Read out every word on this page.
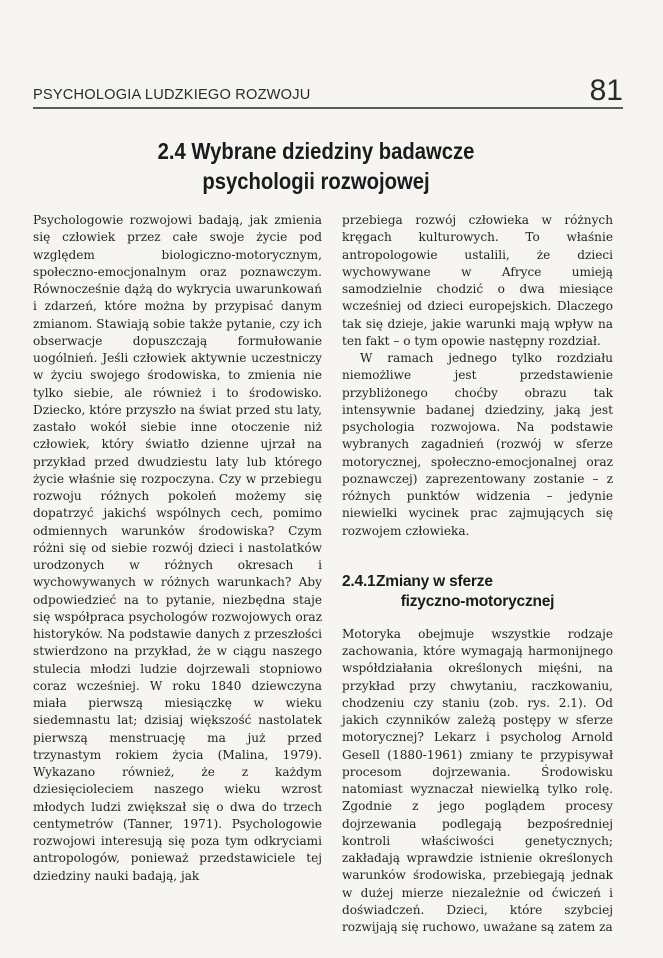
PSYCHOLOGIA LUDZKIEGO ROZWOJU	81
2.4 Wybrane dziedziny badawcze
psychologii rozwojowej

Psychologowie rozwojowi badają, jak zmienia się człowiek przez całe swoje życie pod względem biologiczno-motorycznym, społeczno-emocjonalnym oraz poznawczym. Równocześnie dążą do wykrycia uwarunkowań i zdarzeń, które można by przypisać danym zmianom. Stawiają sobie także pytanie, czy ich obserwacje dopuszczają formułowanie uogólnień. Jeśli człowiek aktywnie uczestniczy w życiu swojego środowiska, to zmienia nie tylko siebie, ale również i to środowisko. Dziecko, które przyszło na świat przed stu laty, zastało wokół siebie inne otoczenie niż człowiek, który światło dzienne ujrzał na przykład przed dwudziestu laty lub którego życie właśnie się rozpoczyna. Czy w przebiegu rozwoju różnych pokoleń możemy się dopatrzyć jakichś wspólnych cech, pomimo odmiennych warunków środowiska? Czym różni się od siebie rozwój dzieci i nastolatków urodzonych w różnych okresach i wychowywanych w różnych warunkach? Aby odpowiedzieć na to pytanie, niezbędna staje się współpraca psychologów rozwojowych oraz historyków. Na podstawie danych z przeszłości stwierdzono na przykład, że w ciągu naszego stulecia młodzi ludzie dojrzewali stopniowo coraz wcześniej. W roku 1840 dziewczyna miała pierwszą miesiączkę w wieku siedemnastu lat; dzisiaj większość nastolatek pierwszą menstruację ma już przed trzynastym rokiem życia (Malina, 1979). Wykazano również, że z każdym dziesięcioleciem naszego wieku wzrost młodych ludzi zwiększał się o dwa do trzech centymetrów (Tanner, 1971). Psychologowie rozwojowi interesują się poza tym odkryciami antropologów, ponieważ przedstawiciele tej dziedziny nauki badają, jak

przebiega rozwój człowieka w różnych kręgach kulturowych. To właśnie antropologowie ustalili, że dzieci wychowywane w Afryce umieją samodzielnie chodzić o dwa miesiące wcześniej od dzieci europejskich. Dlaczego tak się dzieje, jakie warunki mają wpływ na ten fakt – o tym opowie następny rozdział.

W ramach jednego tylko rozdziału niemożliwe jest przedstawienie przybliżonego choćby obrazu tak intensywnie badanej dziedziny, jaką jest psychologia rozwojowa. Na podstawie wybranych zagadnień (rozwój w sferze motorycznej, społeczno-emocjonalnej oraz poznawczej) zaprezentowany zostanie – z różnych punktów widzenia – jedynie niewielki wycinek prac zajmujących się rozwojem człowieka.

2.4.1Zmiany w sferze
fizyczno-motorycznej

Motoryka obejmuje wszystkie rodzaje zachowania, które wymagają harmonijnego współdziałania określonych mięśni, na przykład przy chwytaniu, raczkowaniu, chodzeniu czy staniu (zob. rys. 2.1). Od jakich czynników zależą postępy w sferze motorycznej? Lekarz i psycholog Arnold Gesell (1880-1961) zmiany te przypisywał procesom dojrzewania. Środowisku natomiast wyznaczał niewielką tylko rolę. Zgodnie z jego poglądem procesy dojrzewania podlegają bezpośredniej kontroli właściwości genetycznych; zakładają wprawdzie istnienie określonych warunków środowiska, przebiegają jednak w dużej mierze niezależnie od ćwiczeń i doświadczeń. Dzieci, które szybciej rozwijają się ruchowo, uważane są zatem za
